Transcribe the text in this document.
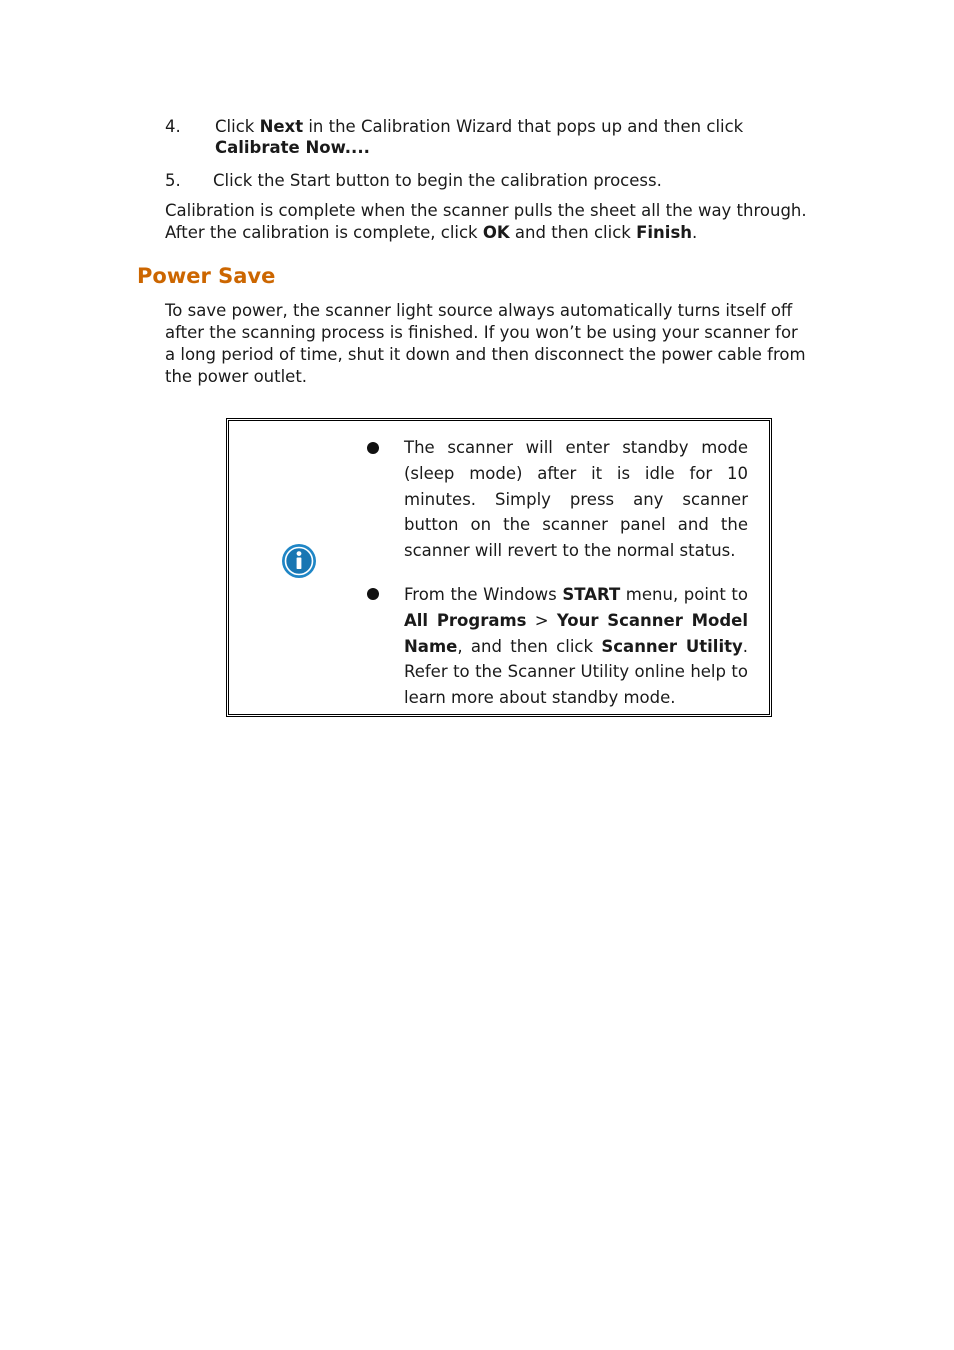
4. Click Next in the Calibration Wizard that pops up and then click Calibrate Now....
5. Click the Start button to begin the calibration process.
Calibration is complete when the scanner pulls the sheet all the way through. After the calibration is complete, click OK and then click Finish.
Power Save
To save power, the scanner light source always automatically turns itself off after the scanning process is finished. If you won’t be using your scanner for a long period of time, shut it down and then disconnect the power cable from the power outlet.
The scanner will enter standby mode (sleep mode) after it is idle for 10 minutes. Simply press any scanner button on the scanner panel and the scanner will revert to the normal status.
From the Windows START menu, point to All Programs > Your Scanner Model Name, and then click Scanner Utility. Refer to the Scanner Utility online help to learn more about standby mode.
